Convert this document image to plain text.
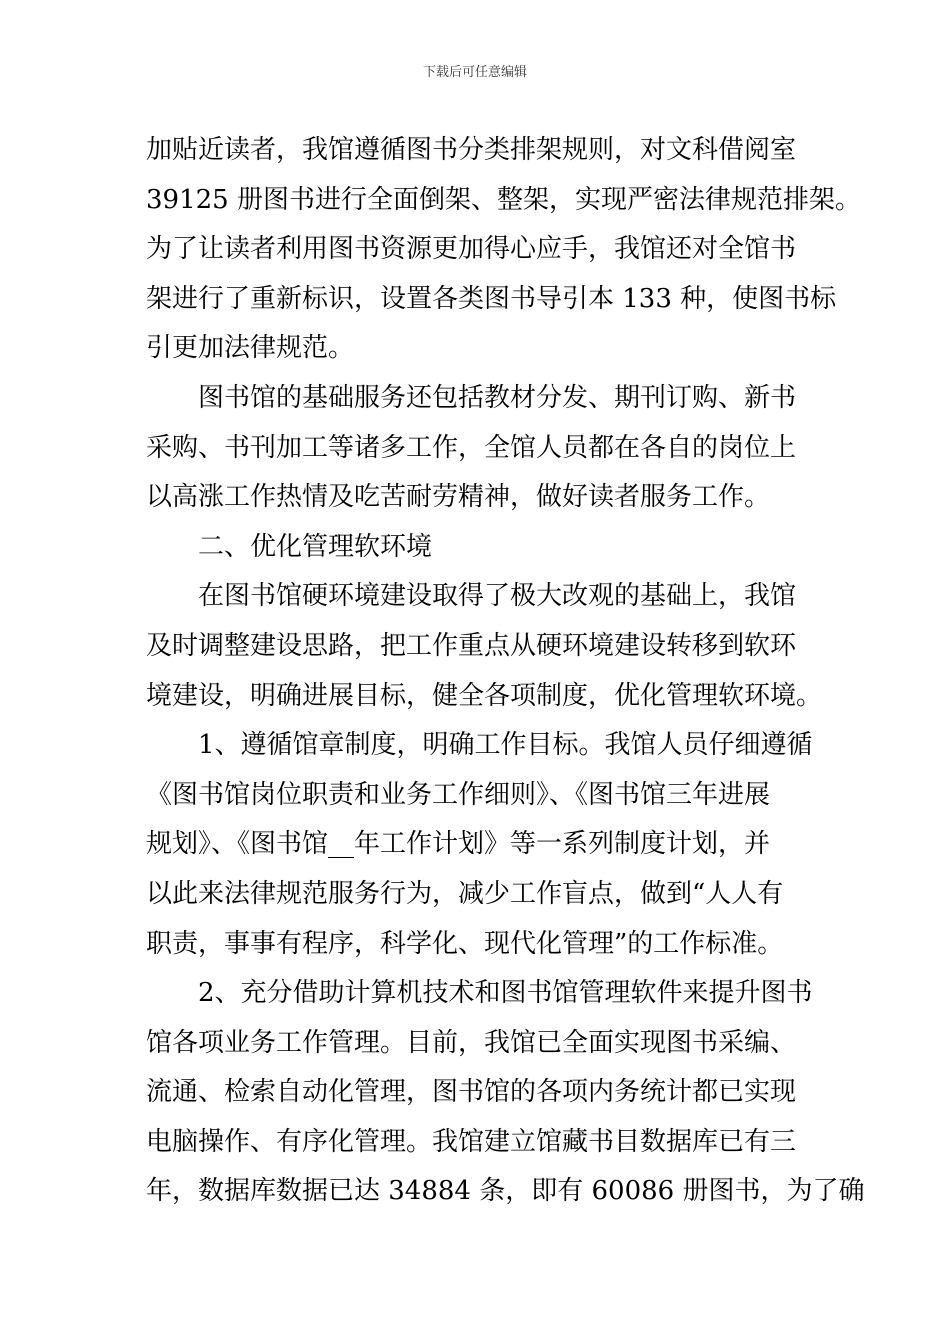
下载后可任意编辑
加贴近读者，我馆遵循图书分类排架规则，对文科借阅室
39125 册图书进行全面倒架、整架，实现严密法律规范排架。
为了让读者利用图书资源更加得心应手，我馆还对全馆书
架进行了重新标识，设置各类图书导引本 133 种，使图书标
引更加法律规范。
图书馆的基础服务还包括教材分发、期刊订购、新书
采购、书刊加工等诸多工作，全馆人员都在各自的岗位上
以高涨工作热情及吃苦耐劳精神，做好读者服务工作。
二、优化管理软环境
在图书馆硬环境建设取得了极大改观的基础上，我馆
及时调整建设思路，把工作重点从硬环境建设转移到软环
境建设，明确进展目标，健全各项制度，优化管理软环境。
1、遵循馆章制度，明确工作目标。我馆人员仔细遵循
《图书馆岗位职责和业务工作细则》、《图书馆三年进展
规划》、《图书馆__年工作计划》等一系列制度计划，并
以此来法律规范服务行为，减少工作盲点，做到“人人有
职责，事事有程序，科学化、现代化管理”的工作标准。
2、充分借助计算机技术和图书馆管理软件来提升图书
馆各项业务工作管理。目前，我馆已全面实现图书采编、
流通、检索自动化管理，图书馆的各项内务统计都已实现
电脑操作、有序化管理。我馆建立馆藏书目数据库已有三
年，数据库数据已达 34884 条，即有 60086 册图书，为了确
